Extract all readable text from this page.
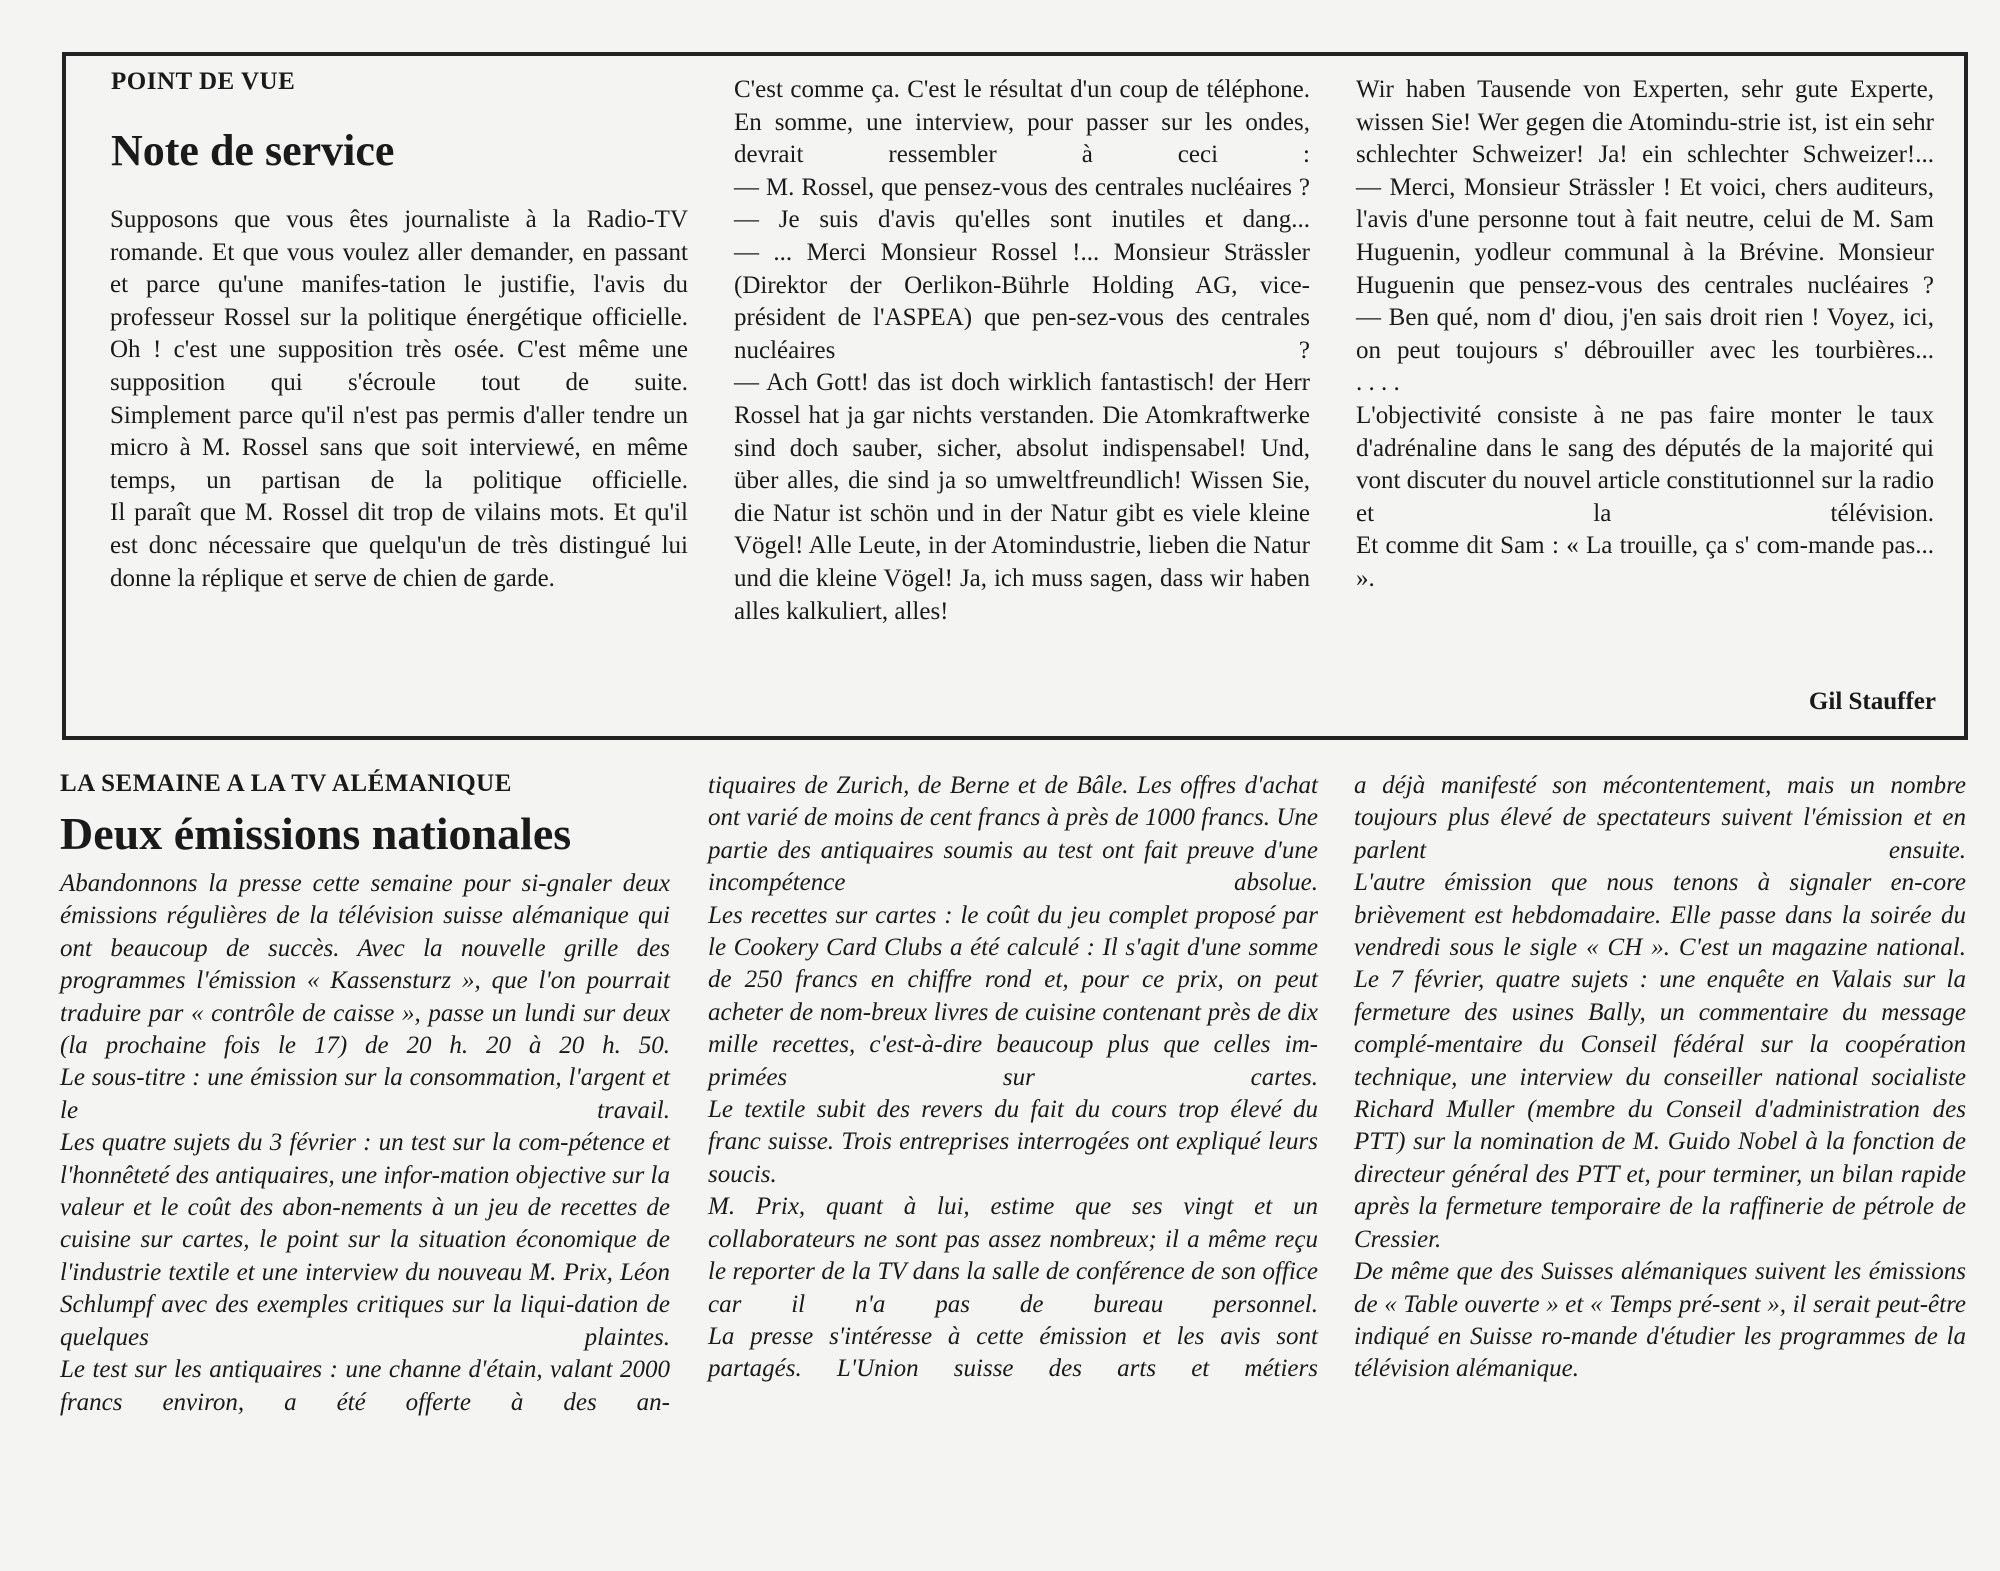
POINT DE VUE
Note de service

Supposons que vous êtes journaliste à la Radio-TV romande. Et que vous voulez aller demander, en passant et parce qu'une manifes-tation le justifie, l'avis du professeur Rossel sur la politique énergétique officielle.

Oh ! c'est une supposition très osée. C'est même une supposition qui s'écroule tout de suite.

Simplement parce qu'il n'est pas permis d'aller tendre un micro à M. Rossel sans que soit interviewé, en même temps, un partisan de la politique officielle.

Il paraît que M. Rossel dit trop de vilains mots. Et qu'il est donc nécessaire que quelqu'un de très distingué lui donne la réplique et serve de chien de garde.

C'est comme ça. C'est le résultat d'un coup de téléphone.

En somme, une interview, pour passer sur les ondes, devrait ressembler à ceci :

— M. Rossel, que pensez-vous des centrales nucléaires ?

— Je suis d'avis qu'elles sont inutiles et dang...

— ... Merci Monsieur Rossel !... Monsieur Strässler (Direktor der Oerlikon-Bührle Holding AG, vice-président de l'ASPEA) que pen-sez-vous des centrales nucléaires ?

— Ach Gott! das ist doch wirklich fantastisch! der Herr Rossel hat ja gar nichts verstanden. Die Atomkraftwerke sind doch sauber, sicher, absolut indispensabel! Und, über alles, die sind ja so umweltfreundlich! Wissen Sie, die Natur ist schön und in der Natur gibt es viele kleine Vögel! Alle Leute, in der Atomindustrie, lieben die Natur und die kleine Vögel! Ja, ich muss sagen, dass wir haben alles kalkuliert, alles!

Wir haben Tausende von Experten, sehr gute Experte, wissen Sie! Wer gegen die Atomindu-strie ist, ist ein sehr schlechter Schweizer! Ja! ein schlechter Schweizer!...

— Merci, Monsieur Strässler ! Et voici, chers auditeurs, l'avis d'une personne tout à fait neutre, celui de M. Sam Huguenin, yodleur communal à la Brévine. Monsieur Huguenin que pensez-vous des centrales nucléaires ?

— Ben qué, nom d' diou, j'en sais droit rien ! Voyez, ici, on peut toujours s' débrouiller avec les tourbières...

. . . .

L'objectivité consiste à ne pas faire monter le taux d'adrénaline dans le sang des députés de la majorité qui vont discuter du nouvel article constitutionnel sur la radio et la télévision.

Et comme dit Sam : « La trouille, ça s' com-mande pas... ».

Gil Stauffer
LA SEMAINE A LA TV ALÉMANIQUE
Deux émissions nationales

Abandonnons la presse cette semaine pour si-gnaler deux émissions régulières de la télévision suisse alémanique qui ont beaucoup de succès. Avec la nouvelle grille des programmes l'émission « Kassensturz », que l'on pourrait traduire par « contrôle de caisse », passe un lundi sur deux (la prochaine fois le 17) de 20 h. 20 à 20 h. 50.

Le sous-titre : une émission sur la consommation, l'argent et le travail.

Les quatre sujets du 3 février : un test sur la com-pétence et l'honnêteté des antiquaires, une infor-mation objective sur la valeur et le coût des abon-nements à un jeu de recettes de cuisine sur cartes, le point sur la situation économique de l'industrie textile et une interview du nouveau M. Prix, Léon Schlumpf avec des exemples critiques sur la liqui-dation de quelques plaintes.

Le test sur les antiquaires : une channe d'étain, valant 2000 francs environ, a été offerte à des an-

tiquaires de Zurich, de Berne et de Bâle. Les offres d'achat ont varié de moins de cent francs à près de 1000 francs. Une partie des antiquaires soumis au test ont fait preuve d'une incompétence absolue.

Les recettes sur cartes : le coût du jeu complet proposé par le Cookery Card Clubs a été calculé : Il s'agit d'une somme de 250 francs en chiffre rond et, pour ce prix, on peut acheter de nom-breux livres de cuisine contenant près de dix mille recettes, c'est-à-dire beaucoup plus que celles im-primées sur cartes.

Le textile subit des revers du fait du cours trop élevé du franc suisse. Trois entreprises interrogées ont expliqué leurs soucis.

M. Prix, quant à lui, estime que ses vingt et un collaborateurs ne sont pas assez nombreux; il a même reçu le reporter de la TV dans la salle de conférence de son office car il n'a pas de bureau personnel.

La presse s'intéresse à cette émission et les avis sont partagés. L'Union suisse des arts et métiers

a déjà manifesté son mécontentement, mais un nombre toujours plus élevé de spectateurs suivent l'émission et en parlent ensuite.

L'autre émission que nous tenons à signaler en-core brièvement est hebdomadaire. Elle passe dans la soirée du vendredi sous le sigle « CH ». C'est un magazine national. Le 7 février, quatre sujets : une enquête en Valais sur la fermeture des usines Bally, un commentaire du message complé-mentaire du Conseil fédéral sur la coopération technique, une interview du conseiller national socialiste Richard Muller (membre du Conseil d'administration des PTT) sur la nomination de M. Guido Nobel à la fonction de directeur général des PTT et, pour terminer, un bilan rapide après la fermeture temporaire de la raffinerie de pétrole de Cressier.

De même que des Suisses alémaniques suivent les émissions de « Table ouverte » et « Temps pré-sent », il serait peut-être indiqué en Suisse ro-mande d'étudier les programmes de la télévision alémanique.
